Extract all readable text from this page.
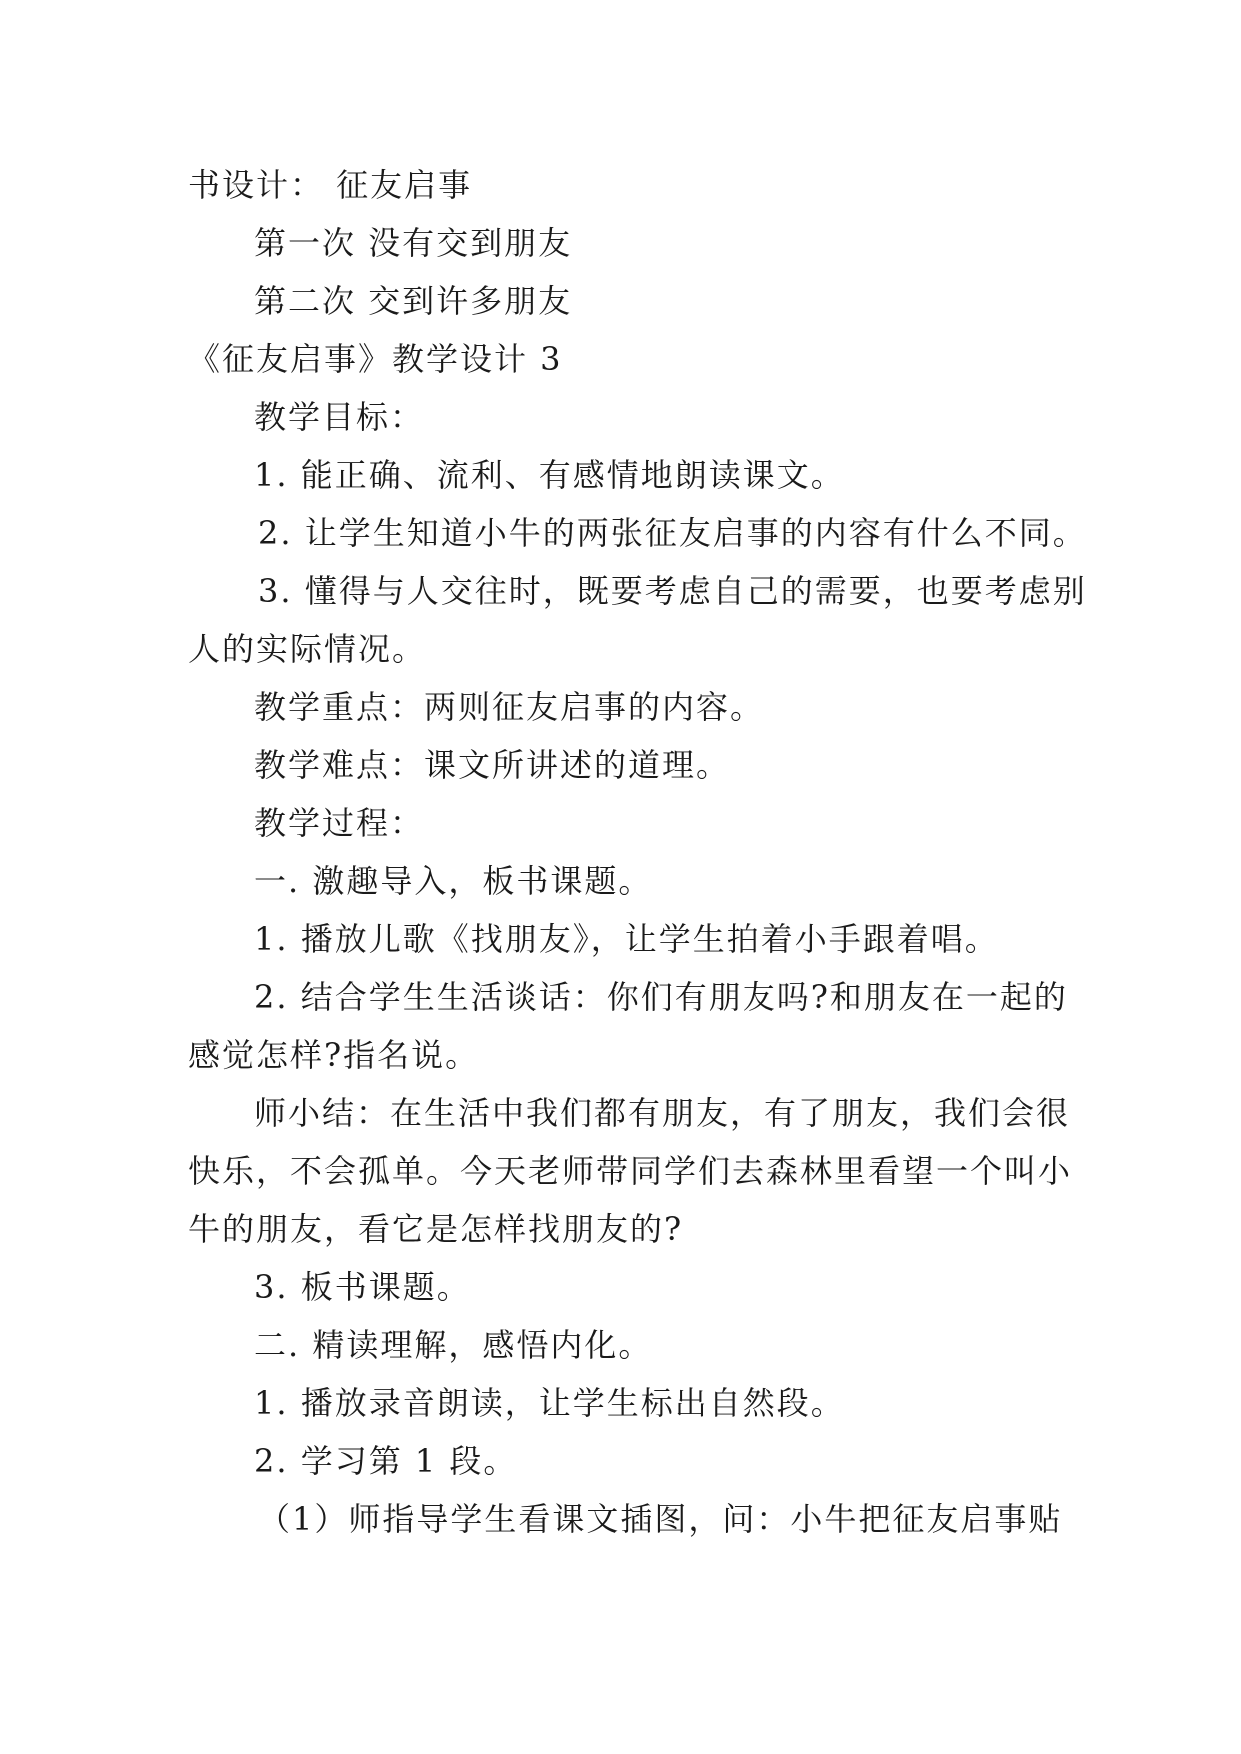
书设计： 征友启事
第一次 没有交到朋友
第二次 交到许多朋友
《征友启事》教学设计 3
教学目标：
1. 能正确、流利、有感情地朗读课文。
2. 让学生知道小牛的两张征友启事的内容有什么不同。
3. 懂得与人交往时，既要考虑自己的需要，也要考虑别
人的实际情况。
教学重点：两则征友启事的内容。
教学难点：课文所讲述的道理。
教学过程：
一. 激趣导入，板书课题。
1. 播放儿歌《找朋友》，让学生拍着小手跟着唱。
2. 结合学生生活谈话：你们有朋友吗?和朋友在一起的
感觉怎样?指名说。
师小结：在生活中我们都有朋友，有了朋友，我们会很
快乐，不会孤单。今天老师带同学们去森林里看望一个叫小
牛的朋友，看它是怎样找朋友的?
3. 板书课题。
二. 精读理解，感悟内化。
1. 播放录音朗读，让学生标出自然段。
2. 学习第 1 段。
（1）师指导学生看课文插图，问：小牛把征友启事贴
